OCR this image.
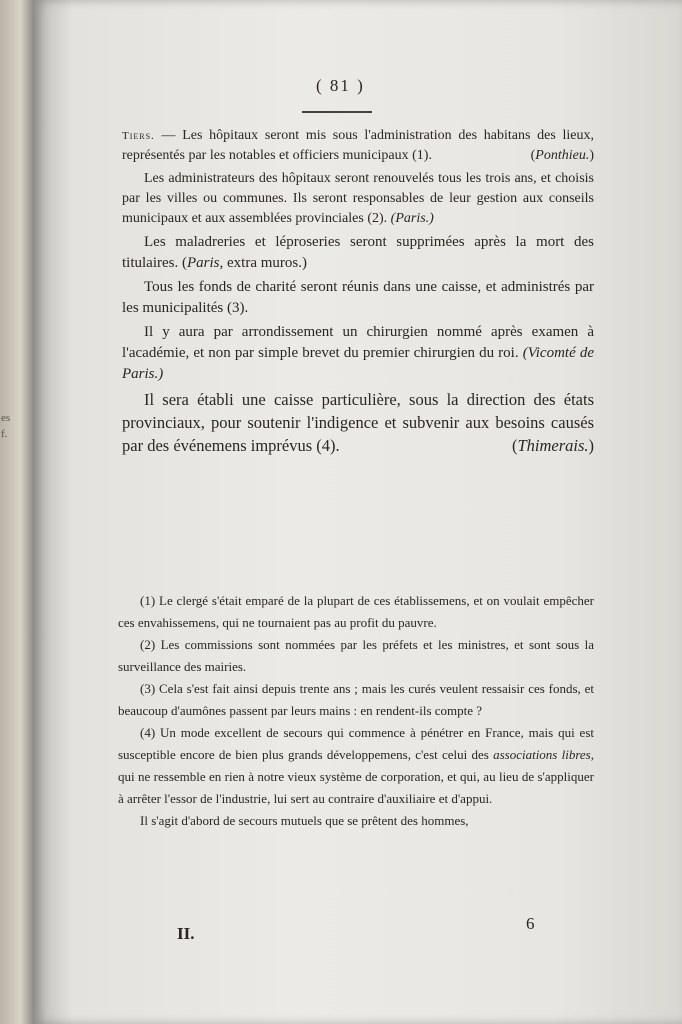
es
f.
( 81 )

Tiers. — Les hôpitaux seront mis sous l'administration des habitans des lieux, représentés par les notables et officiers municipaux (1).	(Ponthieu.)

Les administrateurs des hôpitaux seront renouvelés tous les trois ans, et choisis par les villes ou communes. Ils seront responsables de leur gestion aux conseils municipaux et aux assemblées provinciales (2). (Paris.)

Les maladreries et léproseries seront supprimées après la mort des titulaires. (Paris, extra muros.)

Tous les fonds de charité seront réunis dans une caisse, et administrés par les municipalités (3).

Il y aura par arrondissement un chirurgien nommé après examen à l'académie, et non par simple brevet du premier chirurgien du roi. (Vicomté de Paris.)

Il sera établi une caisse particulière, sous la direction des états provinciaux, pour soutenir l'indigence et subvenir aux besoins causés par des événemens imprévus (4).	(Thimerais.)

(1) Le clergé s'était emparé de la plupart de ces établissemens, et on voulait empêcher ces envahissemens, qui ne tournaient pas au profit du pauvre.

(2) Les commissions sont nommées par les préfets et les ministres, et sont sous la surveillance des mairies.

(3) Cela s'est fait ainsi depuis trente ans ; mais les curés veulent ressaisir ces fonds, et beaucoup d'aumônes passent par leurs mains : en rendent-ils compte ?

(4) Un mode excellent de secours qui commence à pénétrer en France, mais qui est susceptible encore de bien plus grands développemens, c'est celui des associations libres, qui ne ressemble en rien à notre vieux système de corporation, et qui, au lieu de s'appliquer à arrêter l'essor de l'industrie, lui sert au contraire d'auxiliaire et d'appui.

Il s'agit d'abord de secours mutuels que se prêtent des hommes,

II.
6
